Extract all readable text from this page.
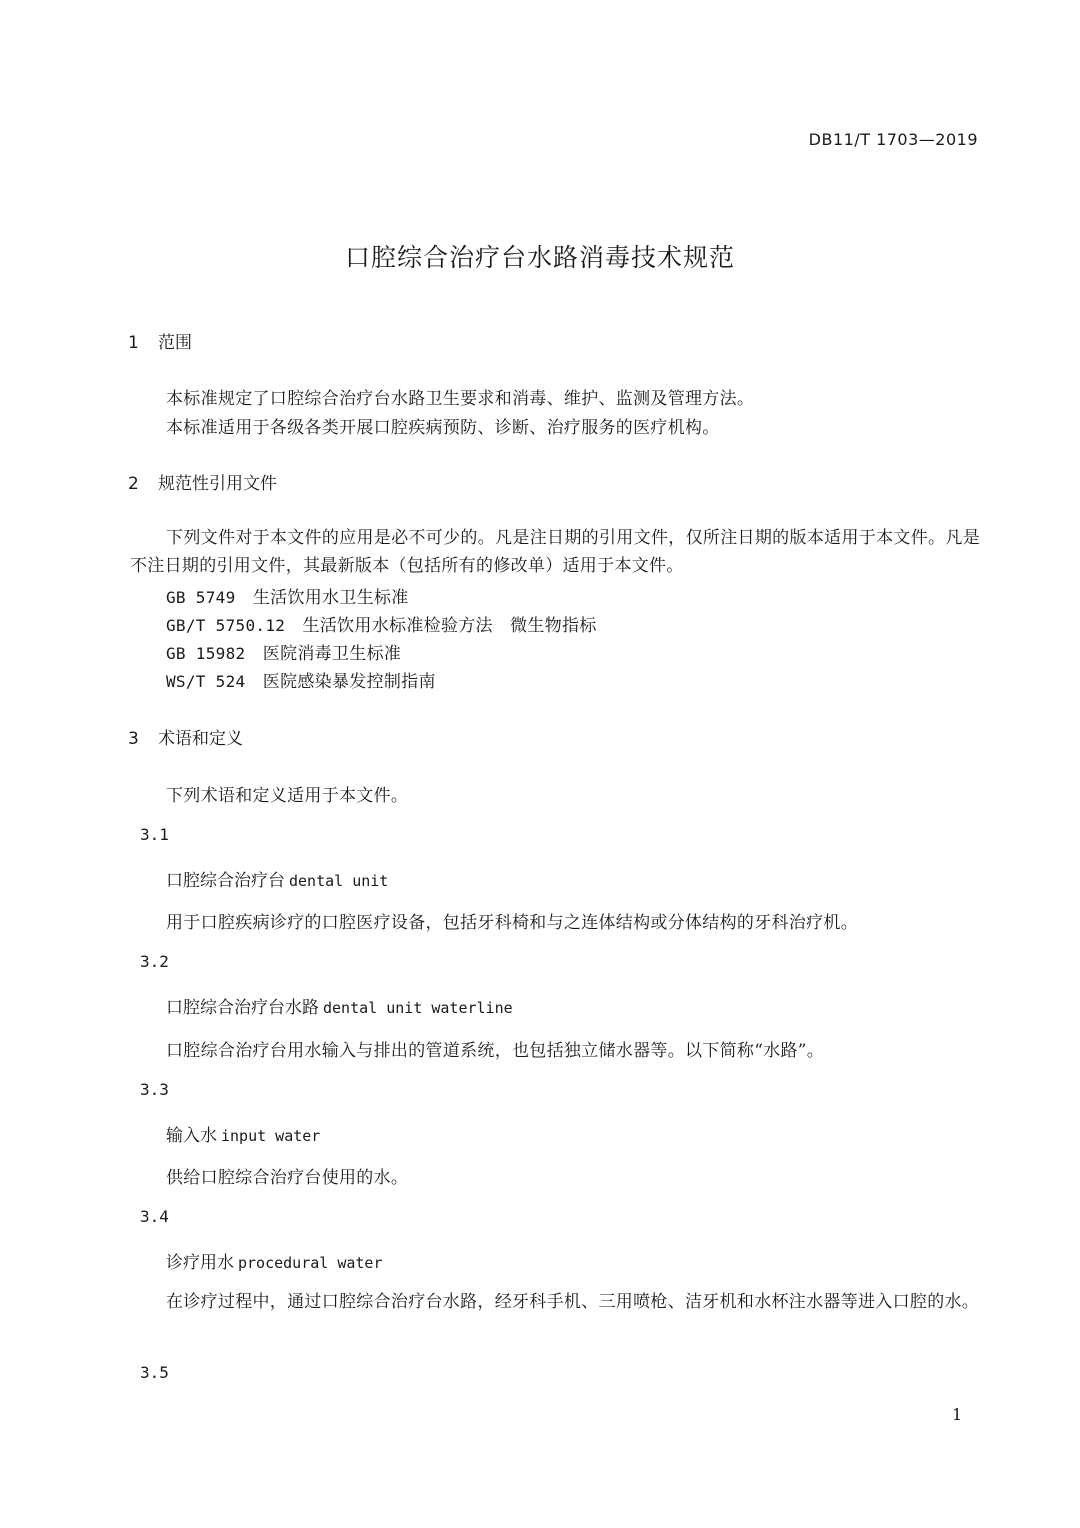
DB11/T 1703—2019
口腔综合治疗台水路消毒技术规范
1 范围
本标准规定了口腔综合治疗台水路卫生要求和消毒、维护、监测及管理方法。
本标准适用于各级各类开展口腔疾病预防、诊断、治疗服务的医疗机构。
2 规范性引用文件
下列文件对于本文件的应用是必不可少的。凡是注日期的引用文件，仅所注日期的版本适用于本文件。凡是不注日期的引用文件，其最新版本（包括所有的修改单）适用于本文件。
GB 5749　 生活饮用水卫生标准
GB/T 5750.12　 生活饮用水标准检验方法　微生物指标
GB 15982　 医院消毒卫生标准
WS/T 524　 医院感染暴发控制指南
3 术语和定义
下列术语和定义适用于本文件。
3.1
口腔综合治疗台 dental unit
用于口腔疾病诊疗的口腔医疗设备，包括牙科椅和与之连体结构或分体结构的牙科治疗机。
3.2
口腔综合治疗台水路 dental unit waterline
口腔综合治疗台用水输入与排出的管道系统，也包括独立储水器等。以下简称“水路”。
3.3
输入水 input water
供给口腔综合治疗台使用的水。
3.4
诊疗用水 procedural water
在诊疗过程中，通过口腔综合治疗台水路，经牙科手机、三用喷枪、洁牙机和水杯注水器等进入口腔的水。
3.5
1
